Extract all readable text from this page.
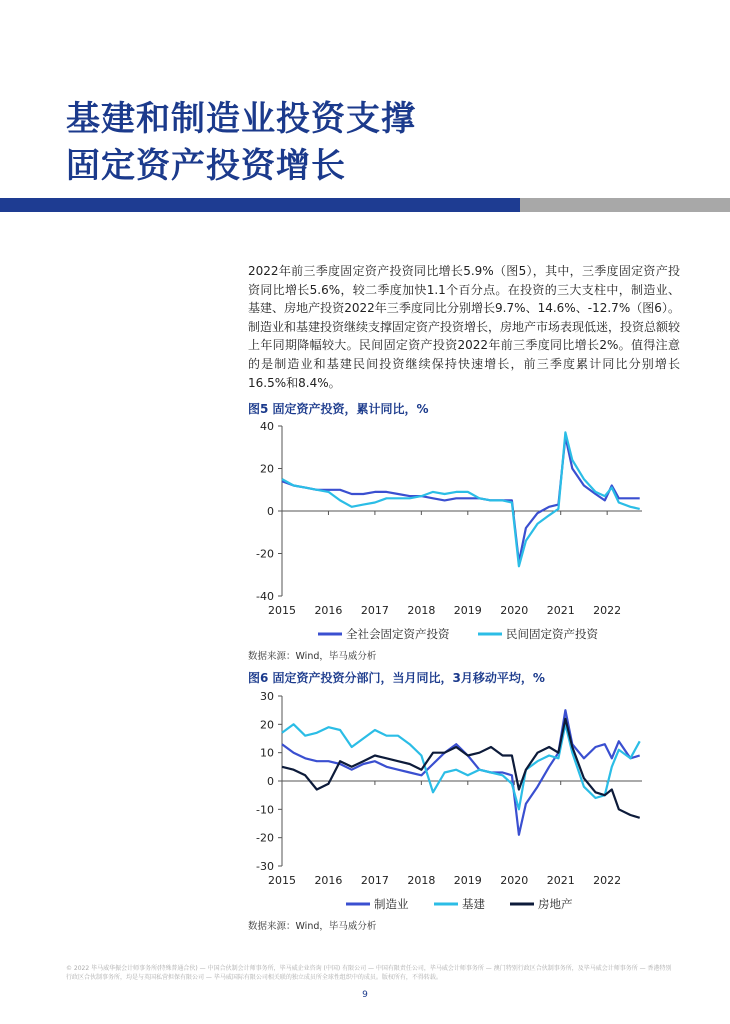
基建和制造业投资支撑
固定资产投资增长
2022年前三季度固定资产投资同比增长5.9%（图5），其中，三季度固定资产投资同比增长5.6%，较二季度加快1.1个百分点。在投资的三大支柱中，制造业、基建、房地产投资2022年三季度同比分别增长9.7%、14.6%、-12.7%（图6）。制造业和基建投资继续支撑固定资产投资增长，房地产市场表现低迷，投资总额较上年同期降幅较大。民间固定资产投资2022年前三季度同比增长2%。值得注意的是制造业和基建民间投资继续保持快速增长，前三季度累计同比分别增长16.5%和8.4%。
图5 固定资产投资，累计同比，%
40
20
0
-20
-40
2015 2016 2017 2018 2019 2020 2021 2022
全社会固定资产投资	民间固定资产投资
数据来源：Wind，毕马威分析
图6 固定资产投资分部门，当月同比，3月移动平均，%
30
20
10
0
-10
-20
-30
2015 2016 2017 2018 2019 2020 2021 2022
制造业	基建	房地产
数据来源：Wind，毕马威分析
© 2022 毕马威华振会计师事务所(特殊普通合伙) — 中国合伙制会计师事务所，毕马威企业咨询 (中国) 有限公司 — 中国有限责任公司，毕马威会计师事务所 — 澳门特别行政区合伙制事务所，及毕马威会计师事务所 — 香港特别行政区合伙制事务所，均是与英国私营担保有限公司 — 毕马威国际有限公司相关联的独立成员所全球性组织中的成员。版权所有，不得转载。
9
